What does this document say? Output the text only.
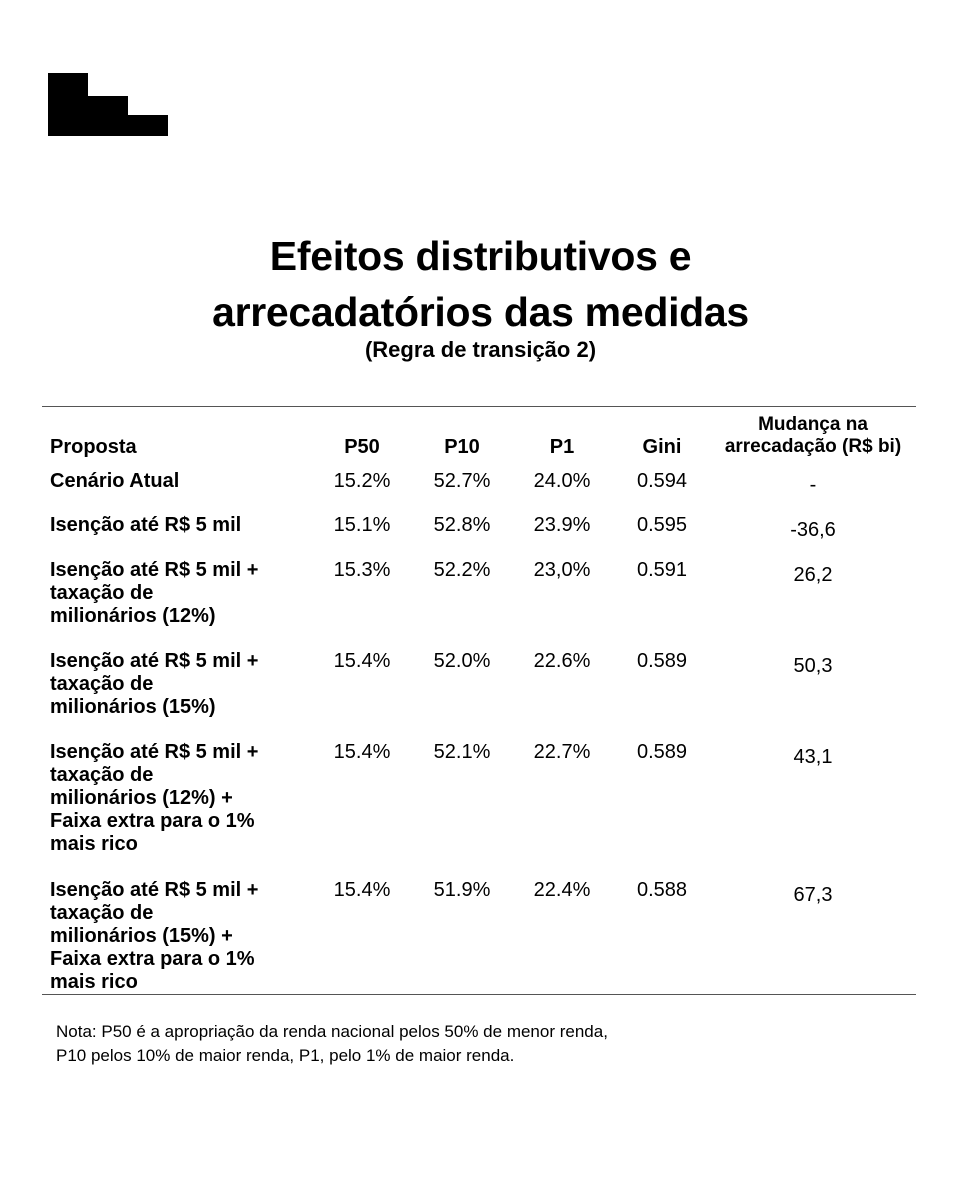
Efeitos distributivos e
arrecadatórios das medidas
(Regra de transição 2)
Proposta	P50	P10	P1	Gini	Mudança na
arrecadação (R$ bi)

Cenário Atual	15.2%	52.7%	24.0%	0.594	-

Isenção até R$ 5 mil	15.1%	52.8%	23.9%	0.595	-36,6

Isenção até R$ 5 mil +
taxação de
milionários (12%)	15.3%	52.2%	23,0%	0.591	26,2

Isenção até R$ 5 mil +
taxação de
milionários (15%)	15.4%	52.0%	22.6%	0.589	50,3

Isenção até R$ 5 mil +
taxação de
milionários (12%) +
Faixa extra para o 1%
mais rico	15.4%	52.1%	22.7%	0.589	43,1

Isenção até R$ 5 mil +
taxação de
milionários (15%) +
Faixa extra para o 1%
mais rico	15.4%	51.9%	22.4%	0.588	67,3
Nota: P50 é a apropriação da renda nacional pelos 50% de menor renda,
P10 pelos 10% de maior renda, P1, pelo 1% de maior renda.
